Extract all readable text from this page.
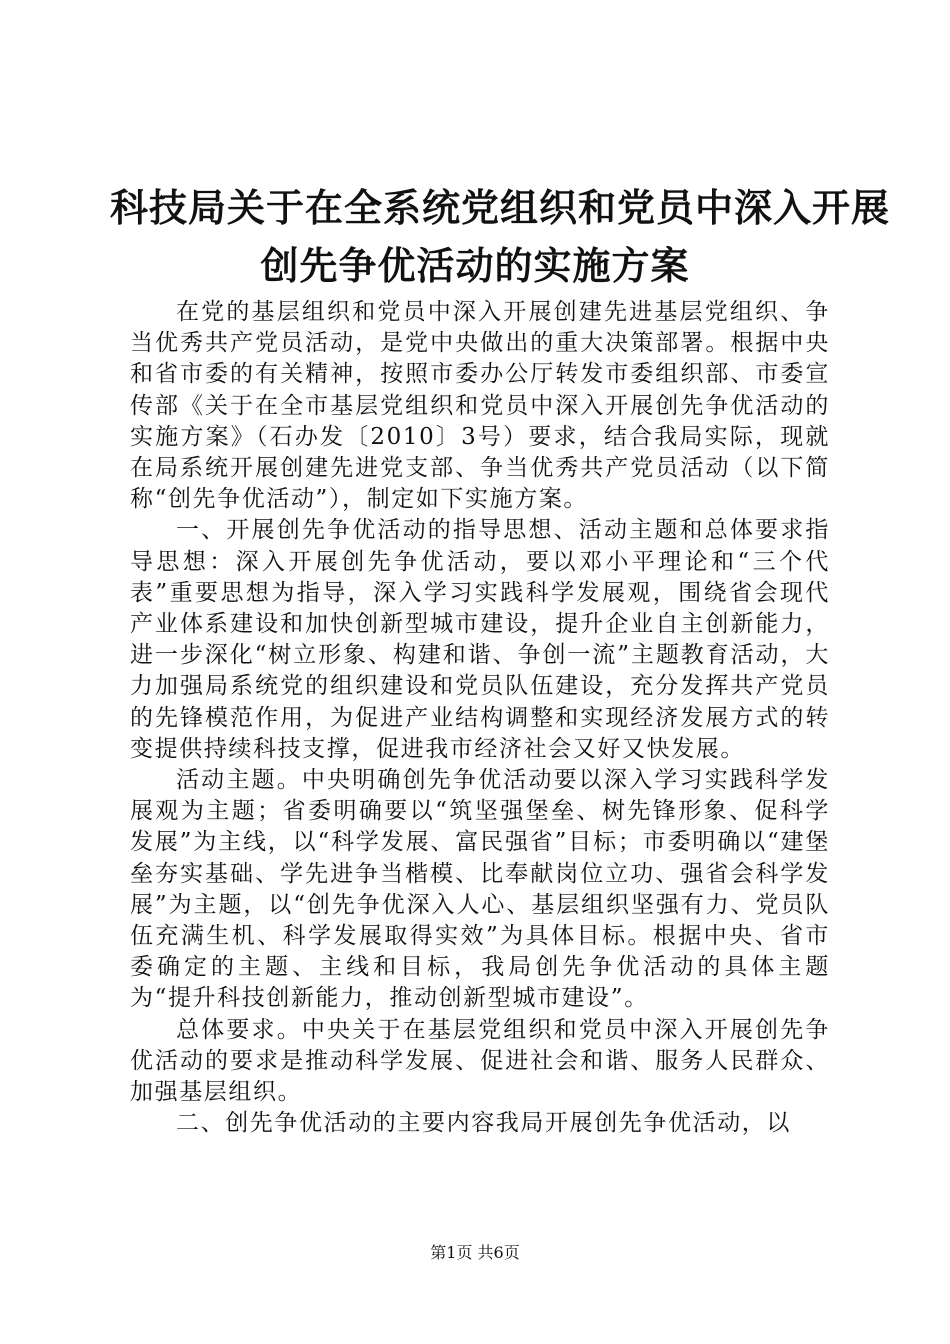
科技局关于在全系统党组织和党员中深入开展
创先争优活动的实施方案

在党的基层组织和党员中深入开展创建先进基层党组织、争当优秀共产党员活动，是党中央做出的重大决策部署。根据中央和省市委的有关精神，按照市委办公厅转发市委组织部、市委宣传部《关于在全市基层党组织和党员中深入开展创先争优活动的实施方案》（石办发〔2010〕3号）要求，结合我局实际，现就在局系统开展创建先进党支部、争当优秀共产党员活动（以下简称“创先争优活动”），制定如下实施方案。

一、开展创先争优活动的指导思想、活动主题和总体要求指导思想：深入开展创先争优活动，要以邓小平理论和“三个代表”重要思想为指导，深入学习实践科学发展观，围绕省会现代产业体系建设和加快创新型城市建设，提升企业自主创新能力，进一步深化“树立形象、构建和谐、争创一流”主题教育活动，大力加强局系统党的组织建设和党员队伍建设，充分发挥共产党员的先锋模范作用，为促进产业结构调整和实现经济发展方式的转变提供持续科技支撑，促进我市经济社会又好又快发展。

活动主题。中央明确创先争优活动要以深入学习实践科学发展观为主题；省委明确要以“筑坚强堡垒、树先锋形象、促科学发展”为主线，以“科学发展、富民强省”目标；市委明确以“建堡垒夯实基础、学先进争当楷模、比奉献岗位立功、强省会科学发展”为主题，以“创先争优深入人心、基层组织坚强有力、党员队伍充满生机、科学发展取得实效”为具体目标。根据中央、省市委确定的主题、主线和目标，我局创先争优活动的具体主题为“提升科技创新能力，推动创新型城市建设”。

总体要求。中央关于在基层党组织和党员中深入开展创先争优活动的要求是推动科学发展、促进社会和谐、服务人民群众、加强基层组织。

二、创先争优活动的主要内容我局开展创先争优活动，以

第1页 共6页
